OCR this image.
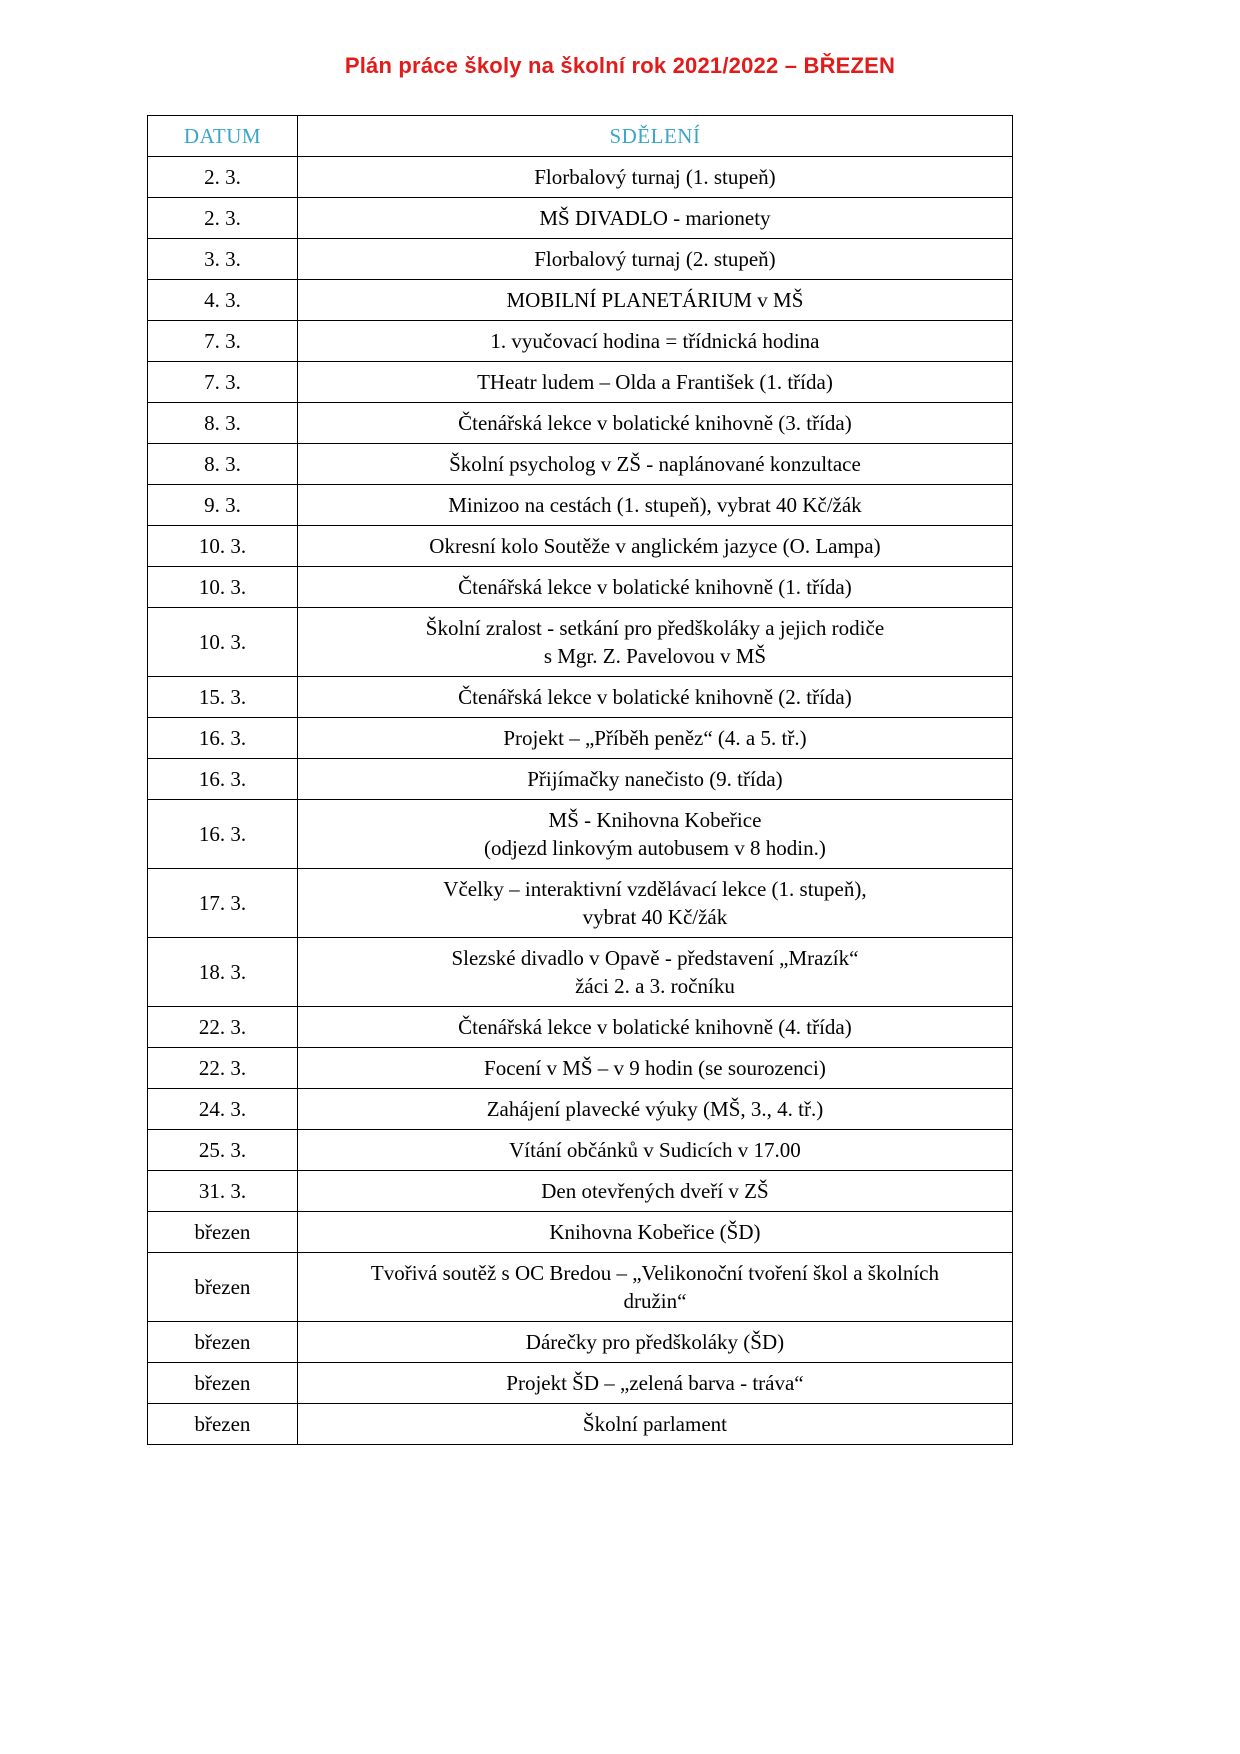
Plán práce školy na školní rok 2021/2022 – BŘEZEN
DATUM	SDĚLENÍ
2. 3.	Florbalový turnaj (1. stupeň)

2. 3.	MŠ DIVADLO - marionety

3. 3.	Florbalový turnaj (2. stupeň)

4. 3.	MOBILNÍ PLANETÁRIUM v MŠ

7. 3.	1. vyučovací hodina = třídnická hodina

7. 3.	THeatr ludem – Olda a František (1. třída)

8. 3.	Čtenářská lekce v bolatické knihovně (3. třída)

8. 3.	Školní psycholog v ZŠ - naplánované konzultace

9. 3.	Minizoo na cestách (1. stupeň), vybrat 40 Kč/žák

10. 3.	Okresní kolo Soutěže v anglickém jazyce (O. Lampa)

10. 3.	Čtenářská lekce v bolatické knihovně (1. třída)

10. 3.	Školní zralost - setkání pro předškoláky a jejich rodiče
s Mgr. Z. Pavelovou v MŠ

15. 3.	Čtenářská lekce v bolatické knihovně (2. třída)

16. 3.	Projekt – „Příběh peněz“ (4. a 5. tř.)

16. 3.	Přijímačky nanečisto (9. třída)

16. 3.	MŠ - Knihovna Kobeřice
(odjezd linkovým autobusem v 8 hodin.)

17. 3.	Včelky – interaktivní vzdělávací lekce (1. stupeň),
vybrat 40 Kč/žák

18. 3.	Slezské divadlo v Opavě - představení „Mrazík“
žáci 2. a 3. ročníku

22. 3.	Čtenářská lekce v bolatické knihovně (4. třída)

22. 3.	Focení v MŠ – v 9 hodin (se sourozenci)

24. 3.	Zahájení plavecké výuky (MŠ, 3., 4. tř.)

25. 3.	Vítání občánků v Sudicích v 17.00

31. 3.	Den otevřených dveří v ZŠ

březen	Knihovna Kobeřice (ŠD)

březen	Tvořivá soutěž s OC Bredou – „Velikonoční tvoření škol a školních
družin“

březen	Dárečky pro předškoláky (ŠD)

březen	Projekt ŠD – „zelená barva - tráva“

březen	Školní parlament
